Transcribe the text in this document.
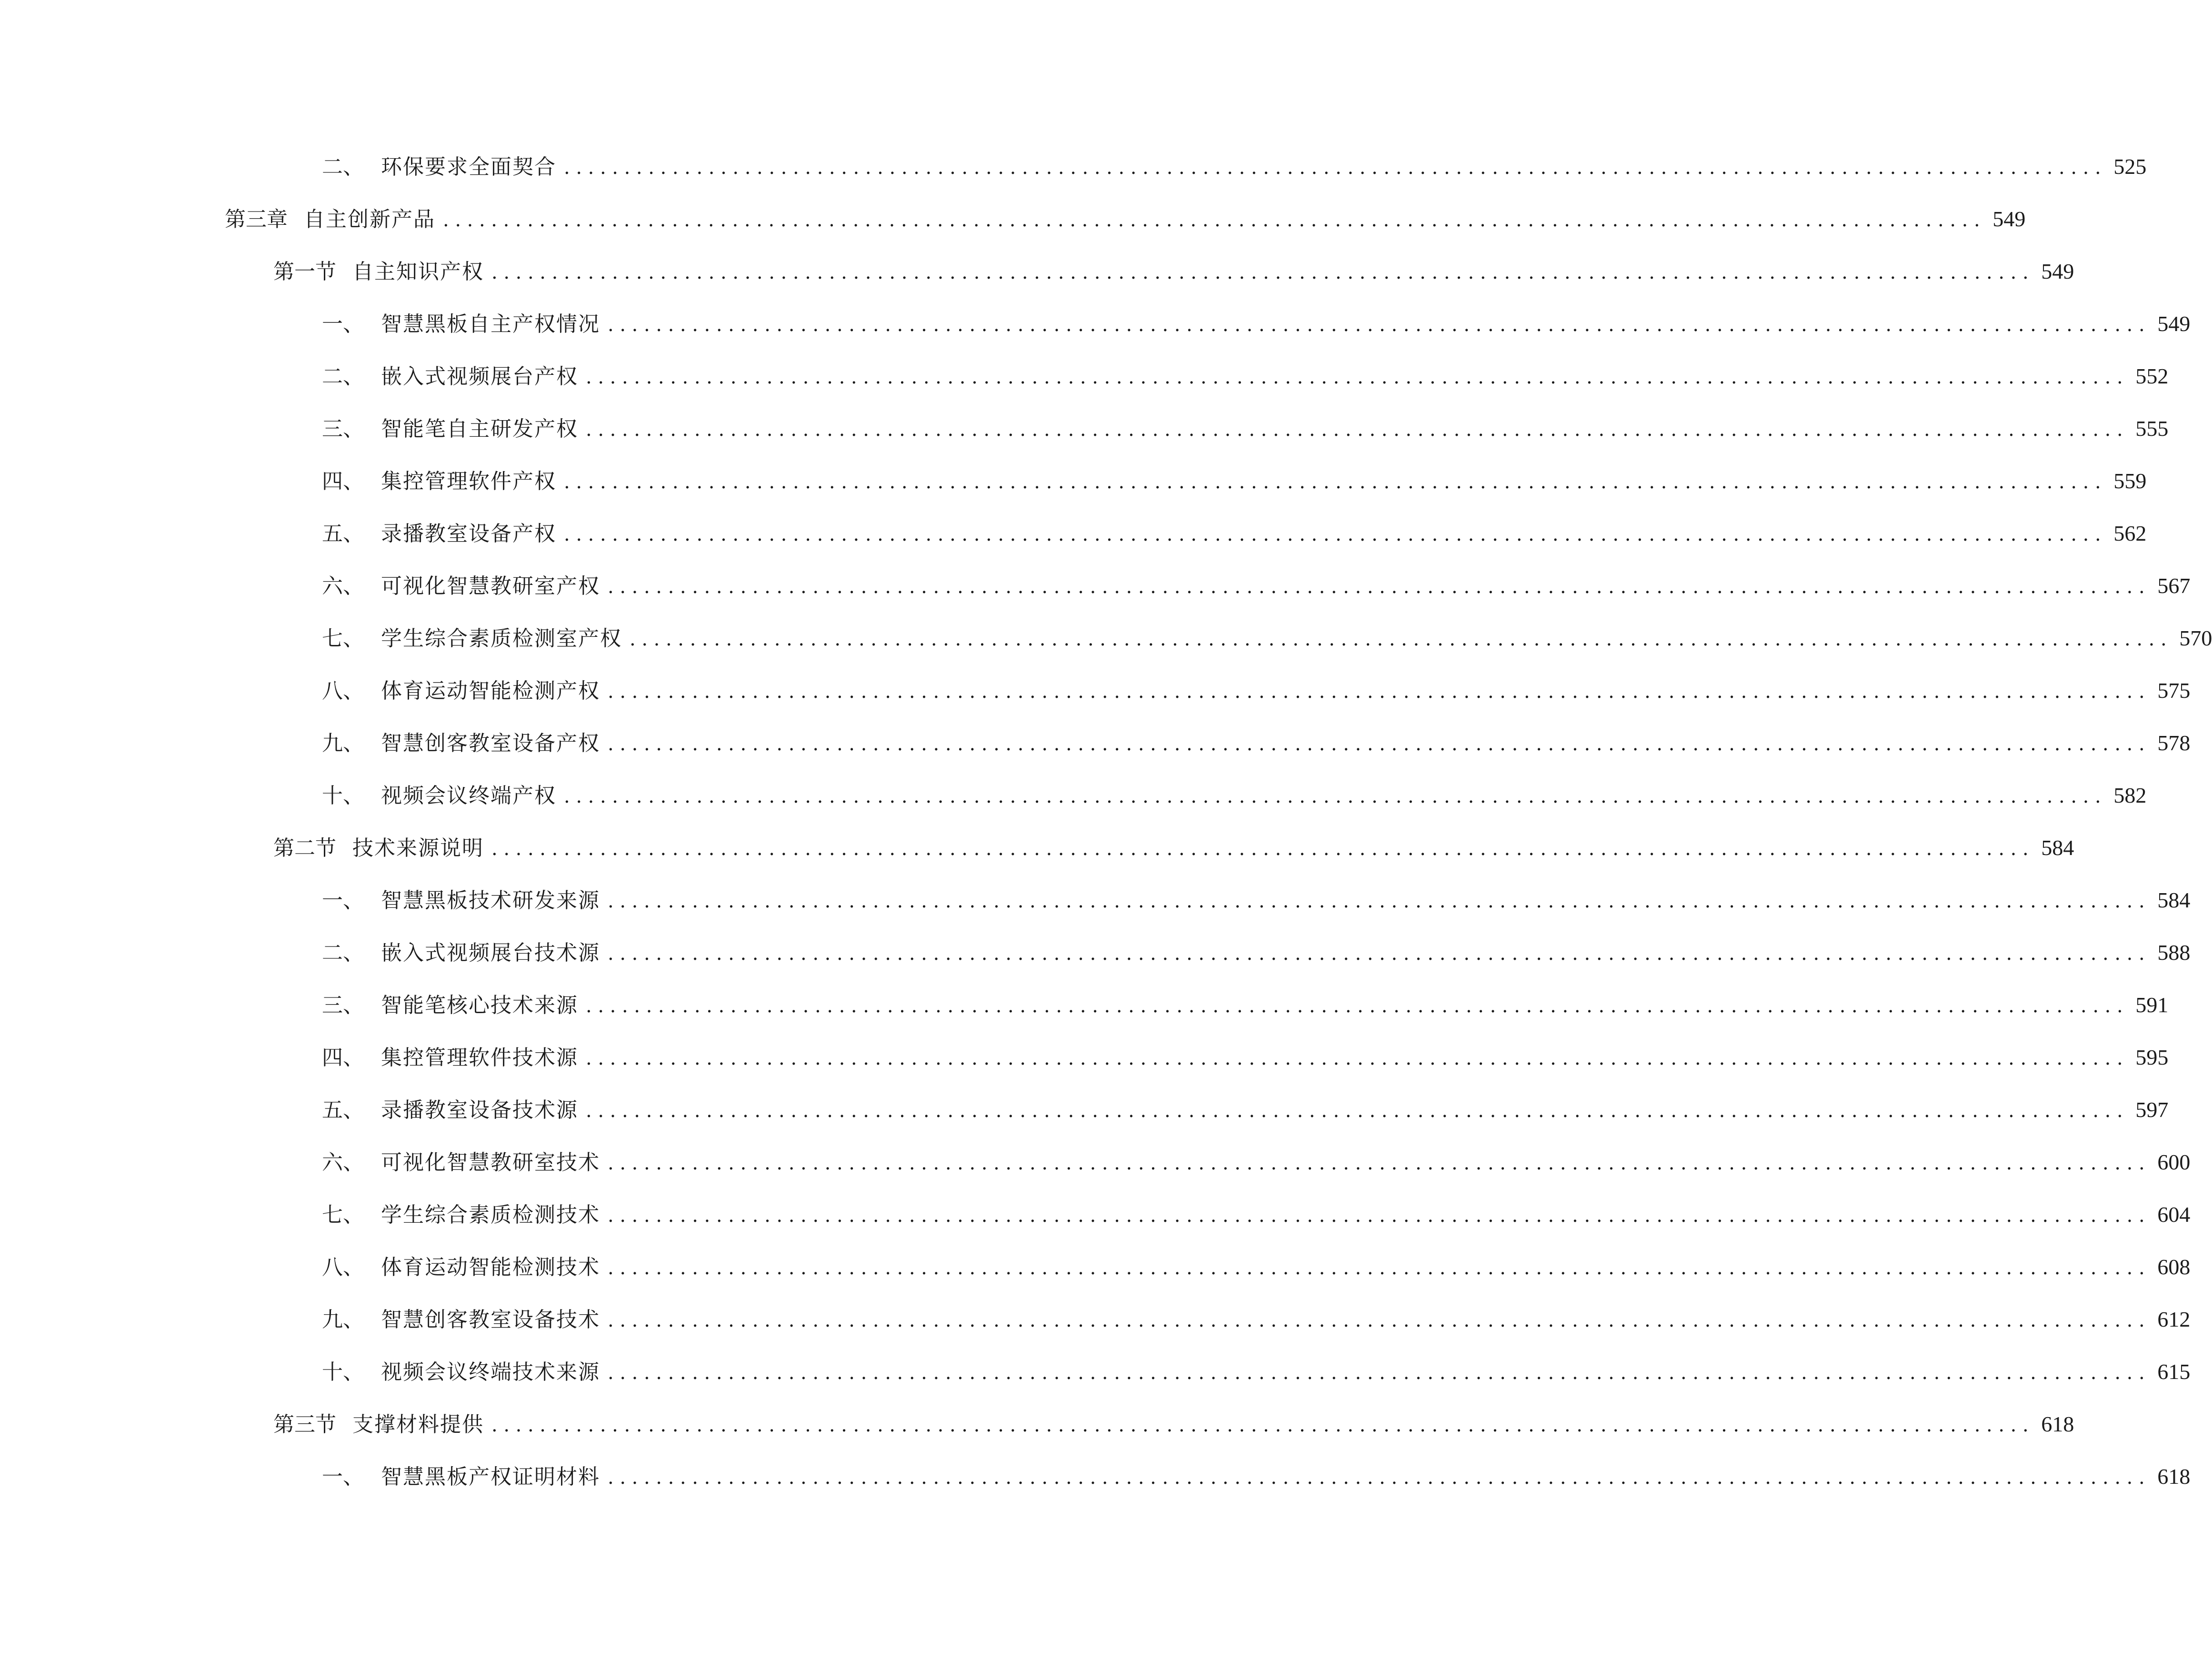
二、 环保要求全面契合 ................................................................................................................................ 525
第三章 自主创新产品 ................................................................................................................................ 549
第一节 自主知识产权 ................................................................................................................................ 549
一、 智慧黑板自主产权情况 ................................................................................................................................ 549
二、 嵌入式视频展台产权 ................................................................................................................................ 552
三、 智能笔自主研发产权 ................................................................................................................................ 555
四、 集控管理软件产权 ................................................................................................................................ 559
五、 录播教室设备产权 ................................................................................................................................ 562
六、 可视化智慧教研室产权 ................................................................................................................................ 567
七、 学生综合素质检测室产权 ................................................................................................................................ 570
八、 体育运动智能检测产权 ................................................................................................................................ 575
九、 智慧创客教室设备产权 ................................................................................................................................ 578
十、 视频会议终端产权 ................................................................................................................................ 582
第二节 技术来源说明 ................................................................................................................................ 584
一、 智慧黑板技术研发来源 ................................................................................................................................ 584
二、 嵌入式视频展台技术源 ................................................................................................................................ 588
三、 智能笔核心技术来源 ................................................................................................................................ 591
四、 集控管理软件技术源 ................................................................................................................................ 595
五、 录播教室设备技术源 ................................................................................................................................ 597
六、 可视化智慧教研室技术 ................................................................................................................................ 600
七、 学生综合素质检测技术 ................................................................................................................................ 604
八、 体育运动智能检测技术 ................................................................................................................................ 608
九、 智慧创客教室设备技术 ................................................................................................................................ 612
十、 视频会议终端技术来源 ................................................................................................................................ 615
第三节 支撑材料提供 ................................................................................................................................ 618
一、 智慧黑板产权证明材料 ................................................................................................................................ 618
